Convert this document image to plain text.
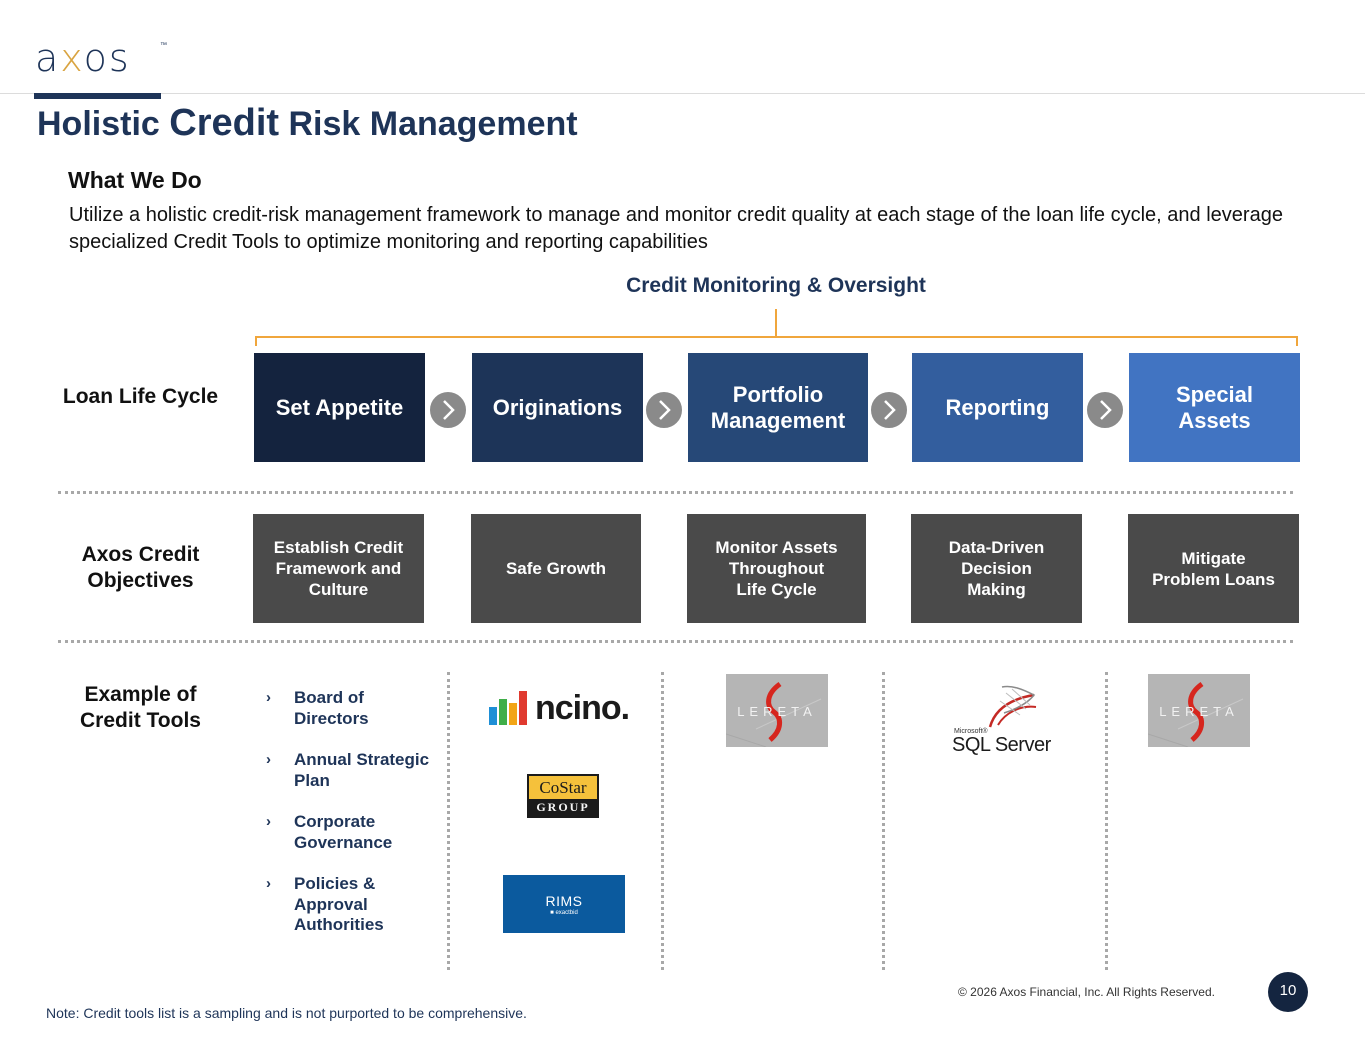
axos	™
Holistic Credit Risk Management
What We Do
Utilize a holistic credit-risk management framework to manage and monitor credit quality at each stage of the loan life cycle, and leverage specialized Credit Tools to optimize monitoring and reporting capabilities
Credit Monitoring & Oversight
Loan Life Cycle
Axos Credit
Objectives
Example of
Credit Tools
Set Appetite	Originations
Portfolio
Management
Reporting
Special
Assets
Establish Credit
Framework and
Culture
Safe Growth
Monitor Assets
Throughout
Life Cycle
Data-Driven
Decision
Making
Mitigate
Problem Loans
› Board of
Directors
› Annual Strategic
Plan
› Corporate
Governance
› Policies &
Approval
Authorities
ncino.
CoStar
GROUP
RIMS
■ exactbid
LERETA	LERETA
Microsoft®
SQL Server
© 2026 Axos Financial, Inc. All Rights Reserved.	10
Note: Credit tools list is a sampling and is not purported to be comprehensive.
